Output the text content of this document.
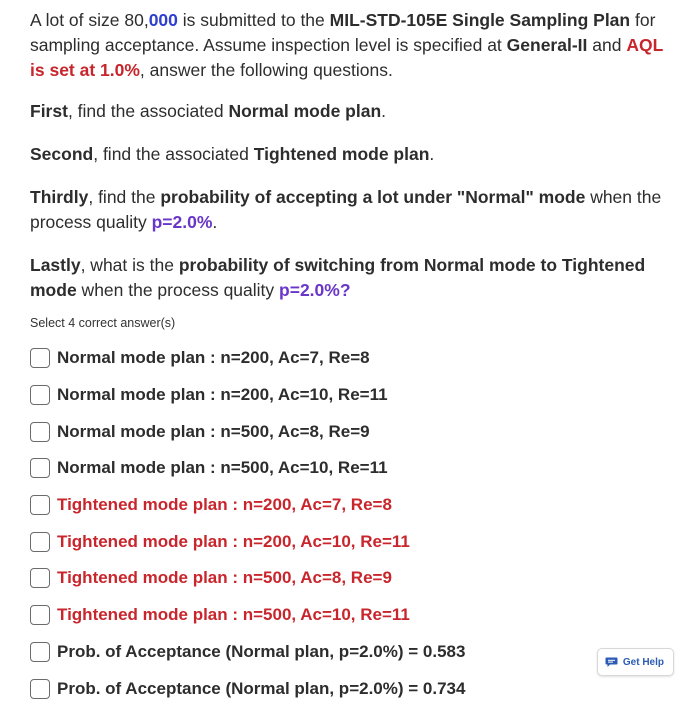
A lot of size 80,000 is submitted to the MIL-STD-105E Single Sampling Plan for sampling acceptance. Assume inspection level is specified at General-II and AQL is set at 1.0%, answer the following questions.

First, find the associated Normal mode plan.

Second, find the associated Tightened mode plan.

Thirdly, find the probability of accepting a lot under "Normal" mode when the process quality p=2.0%.

Lastly, what is the probability of switching from Normal mode to Tightened mode when the process quality p=2.0%?

Select 4 correct answer(s)

Normal mode plan : n=200, Ac=7, Re=8
Normal mode plan : n=200, Ac=10, Re=11
Normal mode plan : n=500, Ac=8, Re=9
Normal mode plan : n=500, Ac=10, Re=11
Tightened mode plan : n=200, Ac=7, Re=8
Tightened mode plan : n=200, Ac=10, Re=11
Tightened mode plan : n=500, Ac=8, Re=9
Tightened mode plan : n=500, Ac=10, Re=11
Prob. of Acceptance (Normal plan, p=2.0%) = 0.583
Prob. of Acceptance (Normal plan, p=2.0%) = 0.734
Get Help
